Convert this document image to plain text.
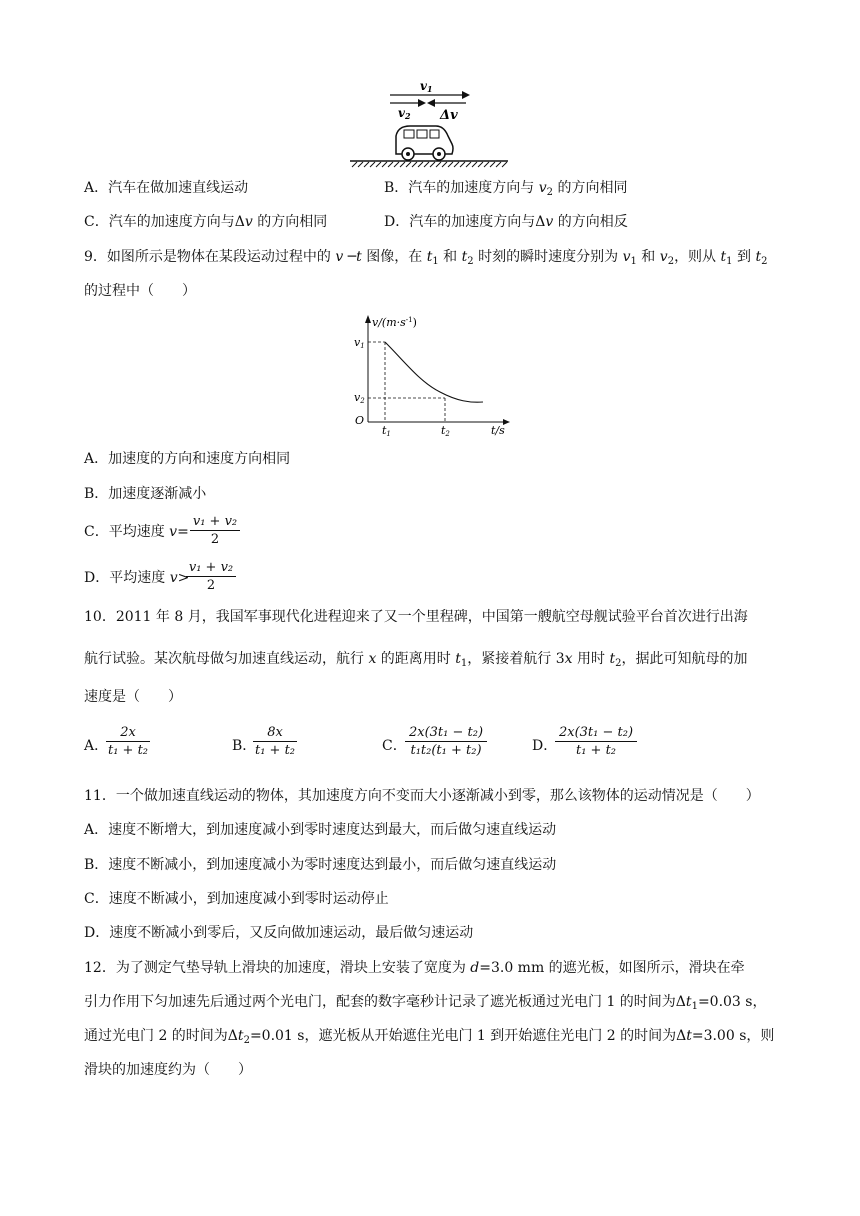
v1
v2 Δv
A．汽车在做加速直线运动	B．汽车的加速度方向与 $v_2$ 的方向相同
C．汽车的加速度方向与Δv 的方向相同	D．汽车的加速度方向与Δv 的方向相反
9．如图所示是物体在某段运动过程中的 v ─t 图像，在 $t_1$ 和 $t_2$ 时刻的瞬时速度分别为 $v_1$ 和 $v_2$，则从 $t_1$ 到 $t_2$
的过程中（　　）
$v/(m\cdot s^{-1})$
v1
v2
O
t1	t2	t/s
A．加速度的方向和速度方向相同
B．加速度逐渐减小
C．平均速度 $v= \frac{\text{v₁ + v₂}}{2}$
D．平均速度 v>
$\frac{\text{v₁ + v₂}}{2}$
10．2011 年 8 月，我国军事现代化进程迎来了又一个里程碑，中国第一艘航空母舰试验平台首次进行出海
航行试验。某次航母做匀加速直线运动，航行 x 的距离用时 $t_1$，紧接着航行 3x 用时 $t_2$，据此可知航母的加
速度是（　　）
A．
$\frac{2x}{\text{t₁ + t₂}}$	B．
$\frac{8x}{\text{t₁ + t₂}}$	C．
$\frac{\text{2x(3t₁ − t₂)}}{\text{t₁t₂(t₁ + t₂)}}$	D．
$\frac{\text{2x(3t₁ − t₂)}}{\text{t₁ + t₂}}$
11．一个做加速直线运动的物体，其加速度方向不变而大小逐渐减小到零，那么该物体的运动情况是（　　）
A．速度不断增大，到加速度减小到零时速度达到最大，而后做匀速直线运动
B．速度不断减小，到加速度减小为零时速度达到最小，而后做匀速直线运动
C．速度不断减小，到加速度减小到零时运动停止
D．速度不断减小到零后，又反向做加速运动，最后做匀速运动
12．为了测定气垫导轨上滑块的加速度，滑块上安装了宽度为 d=3.0 mm 的遮光板，如图所示，滑块在牵
引力作用下匀加速先后通过两个光电门，配套的数字毫秒计记录了遮光板通过光电门 1 的时间为$\Delta t_1=0.03$ s，
通过光电门 2 的时间为$\Delta t_2=0.01$ s，遮光板从开始遮住光电门 1 到开始遮住光电门 2 的时间为Δt=3.00 s，则
滑块的加速度约为（　　）
